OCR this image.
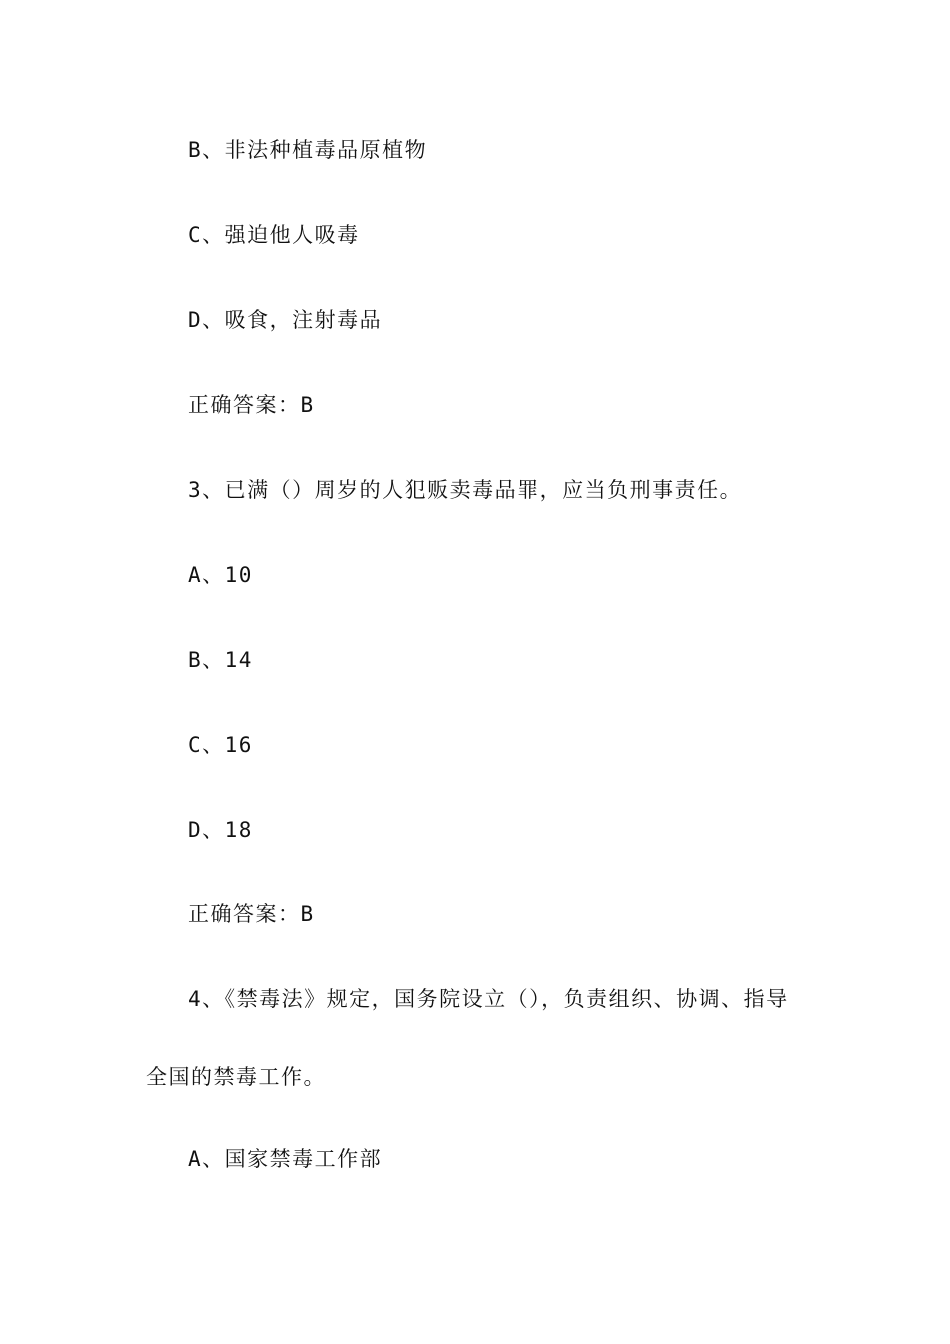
B、非法种植毒品原植物
C、强迫他人吸毒
D、吸食，注射毒品
正确答案：B
3、已满（）周岁的人犯贩卖毒品罪，应当负刑事责任。
A、10
B、14
C、16
D、18
正确答案：B
4、《禁毒法》规定，国务院设立（），负责组织、协调、指导
全国的禁毒工作。
A、国家禁毒工作部
